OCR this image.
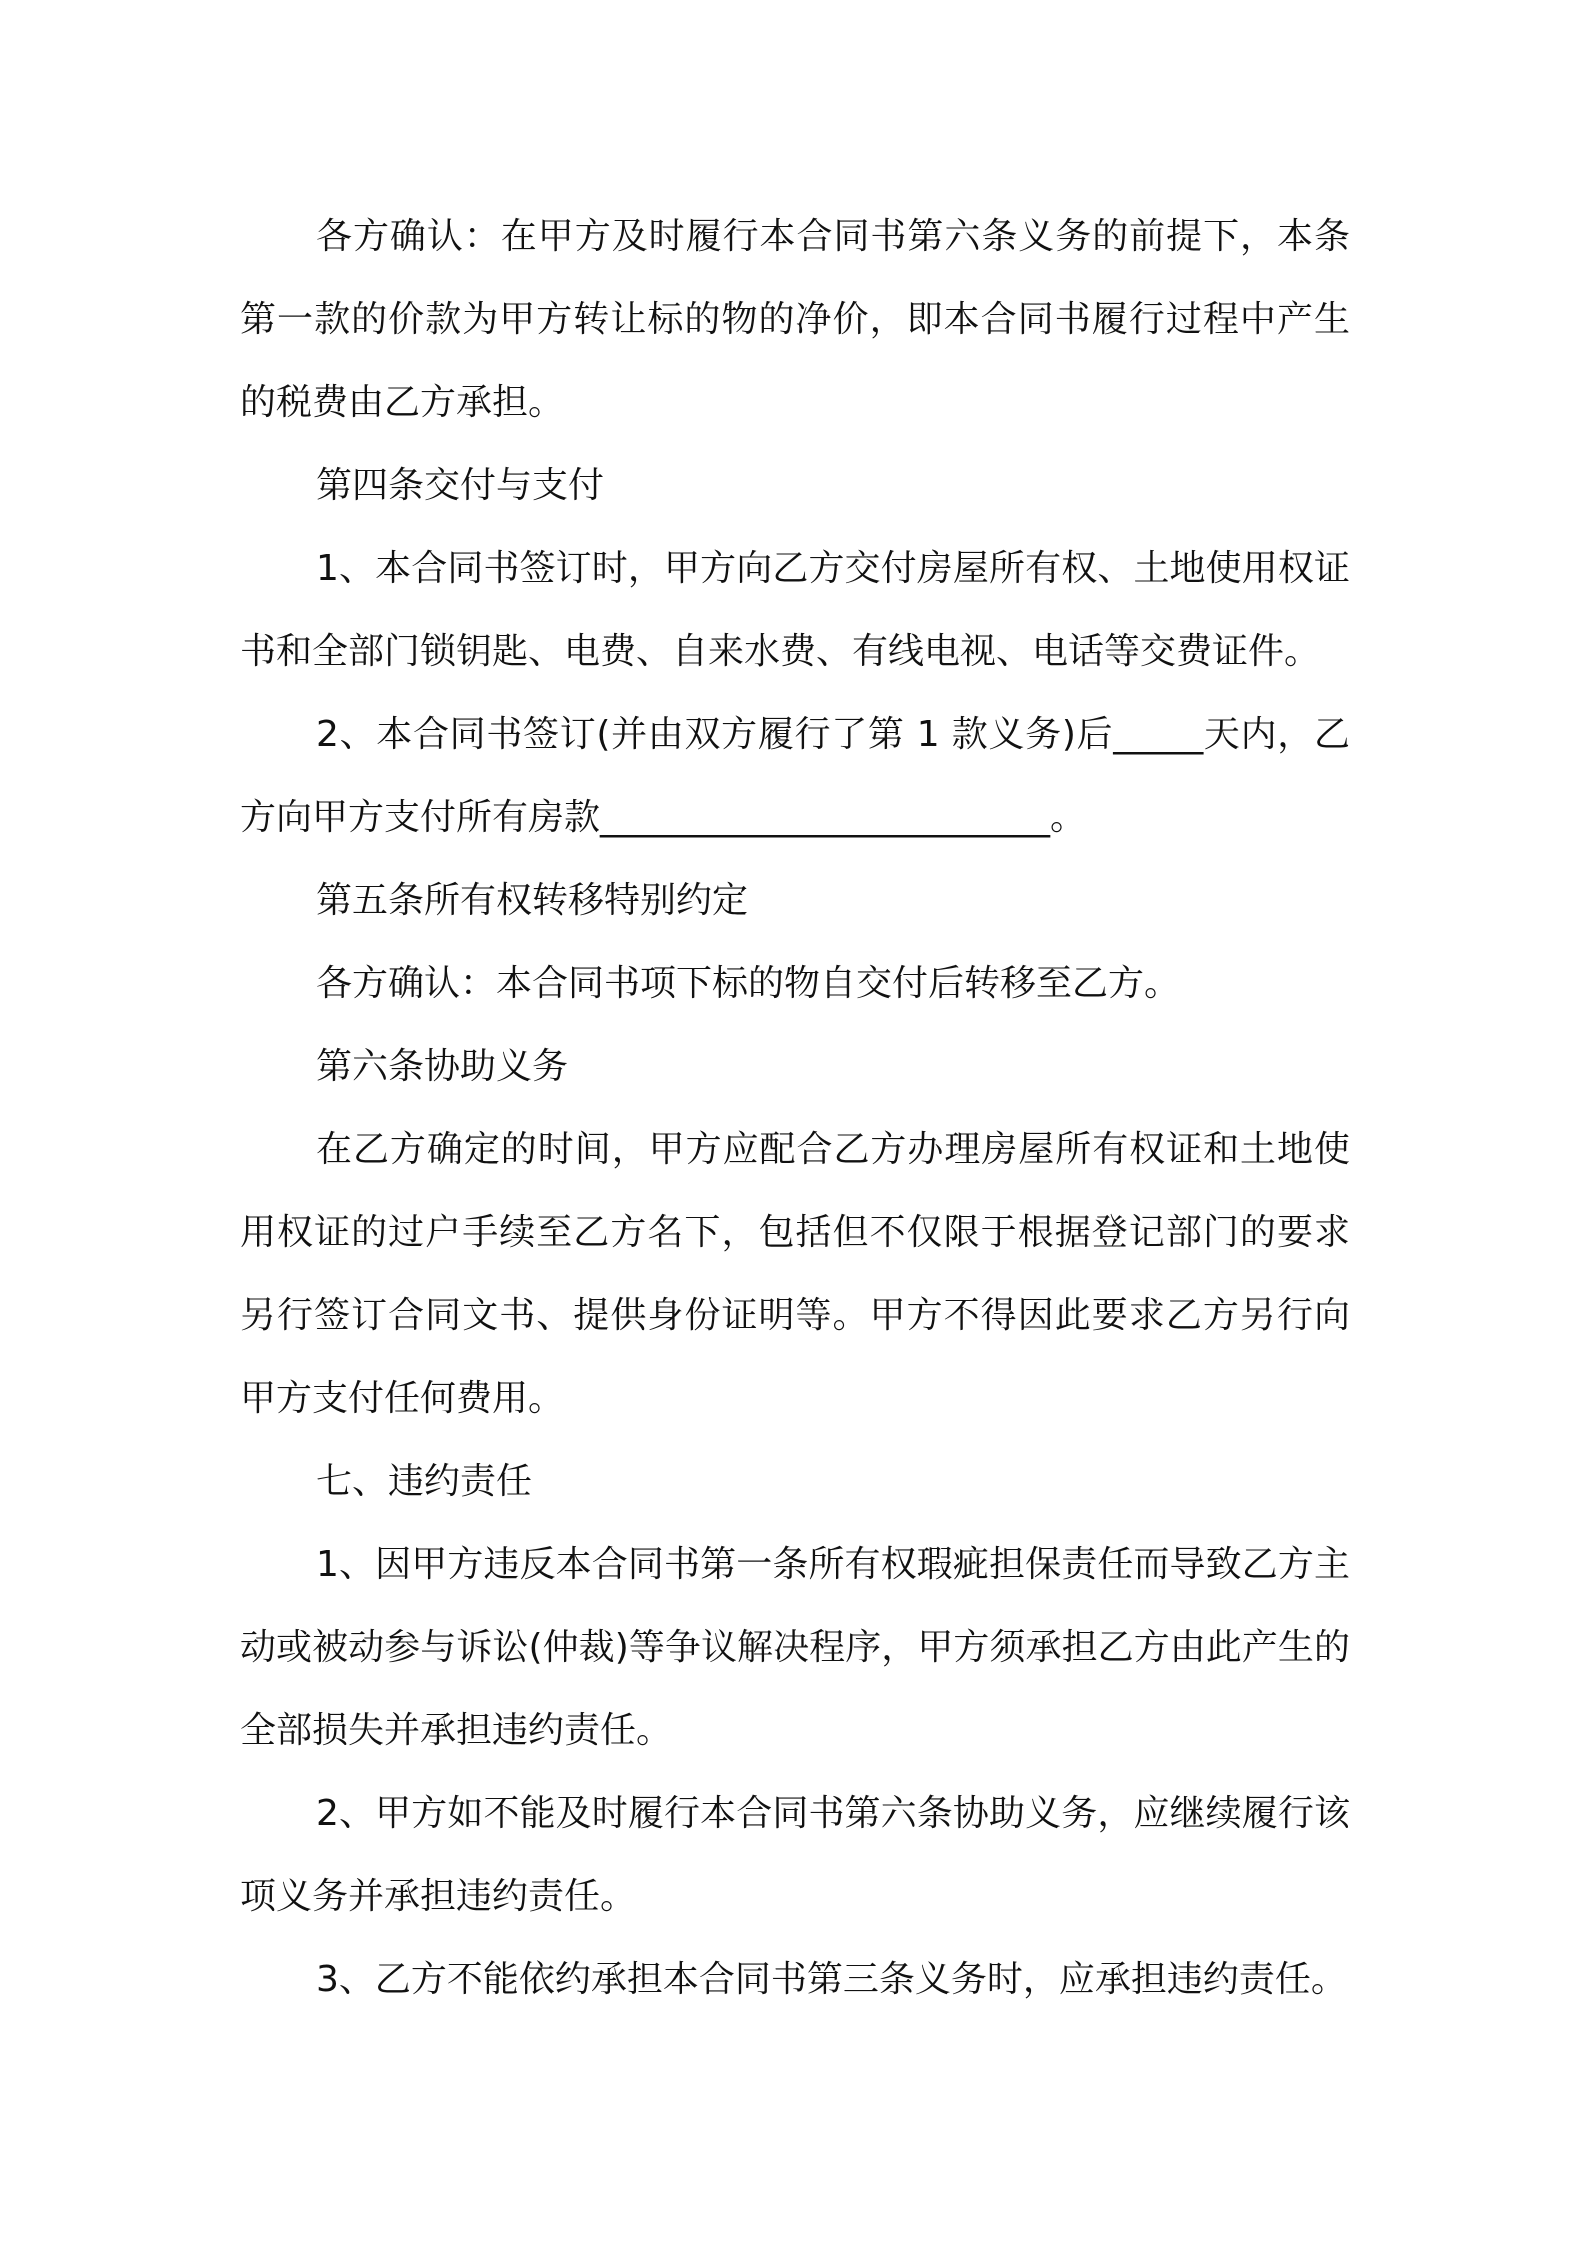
各方确认：在甲方及时履行本合同书第六条义务的前提下，本条第一款的价款为甲方转让标的物的净价，即本合同书履行过程中产生的税费由乙方承担。

第四条交付与支付

1、本合同书签订时，甲方向乙方交付房屋所有权、土地使用权证书和全部门锁钥匙、电费、自来水费、有线电视、电话等交费证件。

2、本合同书签订(并由双方履行了第 1 款义务)后_____天内，乙方向甲方支付所有房款_________________________。

第五条所有权转移特别约定

各方确认：本合同书项下标的物自交付后转移至乙方。

第六条协助义务

在乙方确定的时间，甲方应配合乙方办理房屋所有权证和土地使用权证的过户手续至乙方名下，包括但不仅限于根据登记部门的要求另行签订合同文书、提供身份证明等。甲方不得因此要求乙方另行向甲方支付任何费用。

七、违约责任

1、因甲方违反本合同书第一条所有权瑕疵担保责任而导致乙方主动或被动参与诉讼(仲裁)等争议解决程序，甲方须承担乙方由此产生的全部损失并承担违约责任。

2、甲方如不能及时履行本合同书第六条协助义务，应继续履行该项义务并承担违约责任。

3、乙方不能依约承担本合同书第三条义务时，应承担违约责任。
